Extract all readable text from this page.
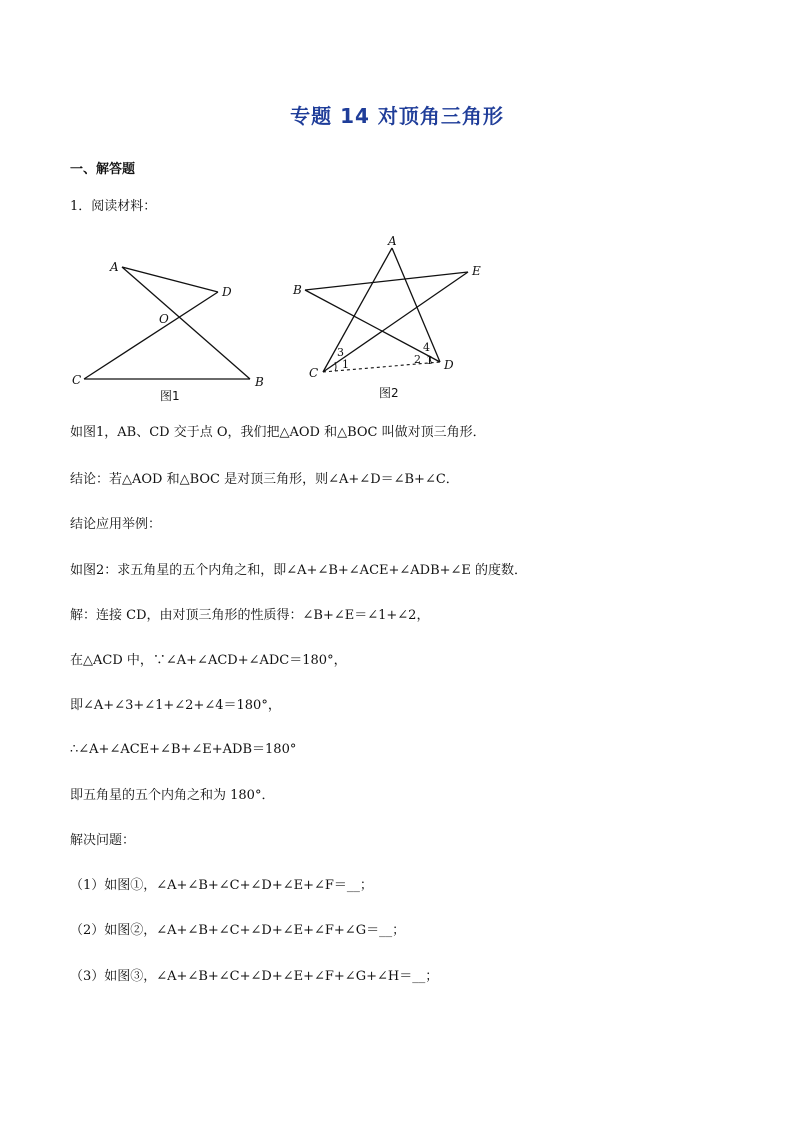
专题 14 对顶角三角形
一、解答题
1．阅读材料：
A
D
O
C	B
图1
A
E
B
C
D
3
1	2
4
1
图2
如图1，AB、CD 交于点 O，我们把△AOD 和△BOC 叫做对顶三角形．
结论：若△AOD 和△BOC 是对顶三角形，则∠A+∠D＝∠B+∠C．
结论应用举例：
如图2：求五角星的五个内角之和，即∠A+∠B+∠ACE+∠ADB+∠E 的度数．
解：连接 CD，由对顶三角形的性质得：∠B+∠E＝∠1+∠2，
在△ACD 中，∵∠A+∠ACD+∠ADC＝180°，
即∠A+∠3+∠1+∠2+∠4＝180°，
∴∠A+∠ACE+∠B+∠E+ADB＝180°
即五角星的五个内角之和为 180°．
解决问题：
（1）如图①，∠A+∠B+∠C+∠D+∠E+∠F＝__；
（2）如图②，∠A+∠B+∠C+∠D+∠E+∠F+∠G＝__；
（3）如图③，∠A+∠B+∠C+∠D+∠E+∠F+∠G+∠H＝__；
